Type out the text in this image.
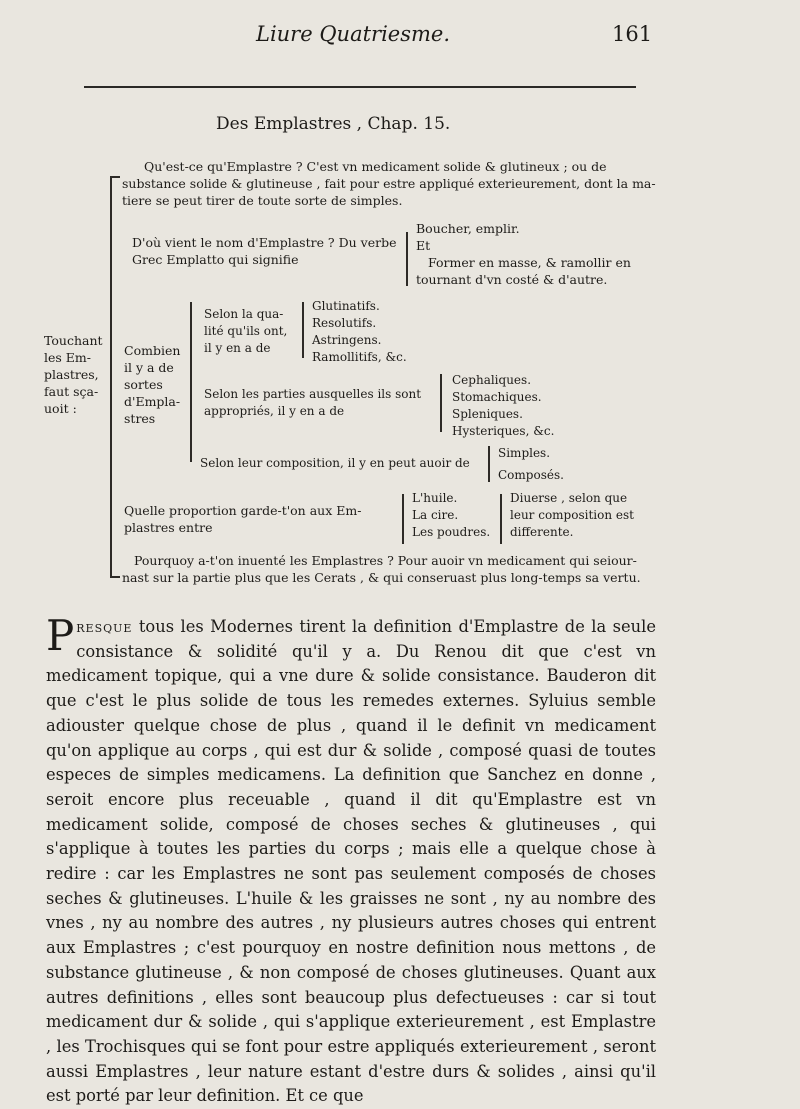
Liure Quatriesme.	161
Des Emplastres , Chap. 15.
Touchant
les Em-
plastres,
faut sça-
uoit :
Qu'est-ce qu'Emplastre ? C'est vn medicament solide & glutineux ; ou de
substance solide & glutineuse , fait pour estre appliqué exterieurement, dont la ma-
tiere se peut tirer de toute sorte de simples.
D'où vient le nom d'Emplastre ? Du verbe
Grec Emplatto qui signifie
Boucher, emplir.
Et
Former en masse, & ramollir en
tournant d'vn costé & d'autre.
Combien
il y a de
sortes
d'Empla-
stres
Selon la qua-
lité qu'ils ont,
il y en a de
Glutinatifs.
Resolutifs.
Astringens.
Ramollitifs, &c.
Selon les parties ausquelles ils sont
appropriés, il y en a de
Cephaliques.
Stomachiques.
Spleniques.
Hysteriques, &c.
Selon leur composition, il y en peut auoir de
Simples.
Composés.
Quelle proportion garde-t'on aux Em-
plastres entre
L'huile.
La cire.
Les poudres.
Diuerse , selon que
leur composition est
differente.
Pourquoy a-t'on inuenté les Emplastres ? Pour auoir vn medicament qui seiour-
nast sur la partie plus que les Cerats , & qui conseruast plus long-temps sa vertu.
Presque tous les Modernes tirent la definition d'Emplastre de la seule consistance & solidité qu'il y a. Du Renou dit que c'est vn medicament topique, qui a vne dure & solide consistance. Bauderon dit que c'est le plus solide de tous les remedes externes. Syluius semble adiouster quelque chose de plus , quand il le definit vn medicament qu'on applique au corps , qui est dur & solide , composé quasi de toutes especes de simples medicamens. La definition que Sanchez en donne , seroit encore plus receuable , quand il dit qu'Emplastre est vn medicament solide, composé de choses seches & glutineuses , qui s'applique à toutes les parties du corps ; mais elle a quelque chose à redire : car les Emplastres ne sont pas seulement composés de choses seches & glutineuses. L'huile & les graisses ne sont , ny au nombre des vnes , ny au nombre des autres , ny plusieurs autres choses qui entrent aux Emplastres ; c'est pourquoy en nostre definition nous mettons , de substance glutineuse , & non composé de choses glutineuses. Quant aux autres definitions , elles sont beaucoup plus defectueuses : car si tout medicament dur & solide , qui s'applique exterieurement , est Emplastre , les Trochisques qui se font pour estre appliqués exterieurement , seront aussi Emplastres , leur nature estant d'estre durs & solides , ainsi qu'il est porté par leur definition. Et ce que
